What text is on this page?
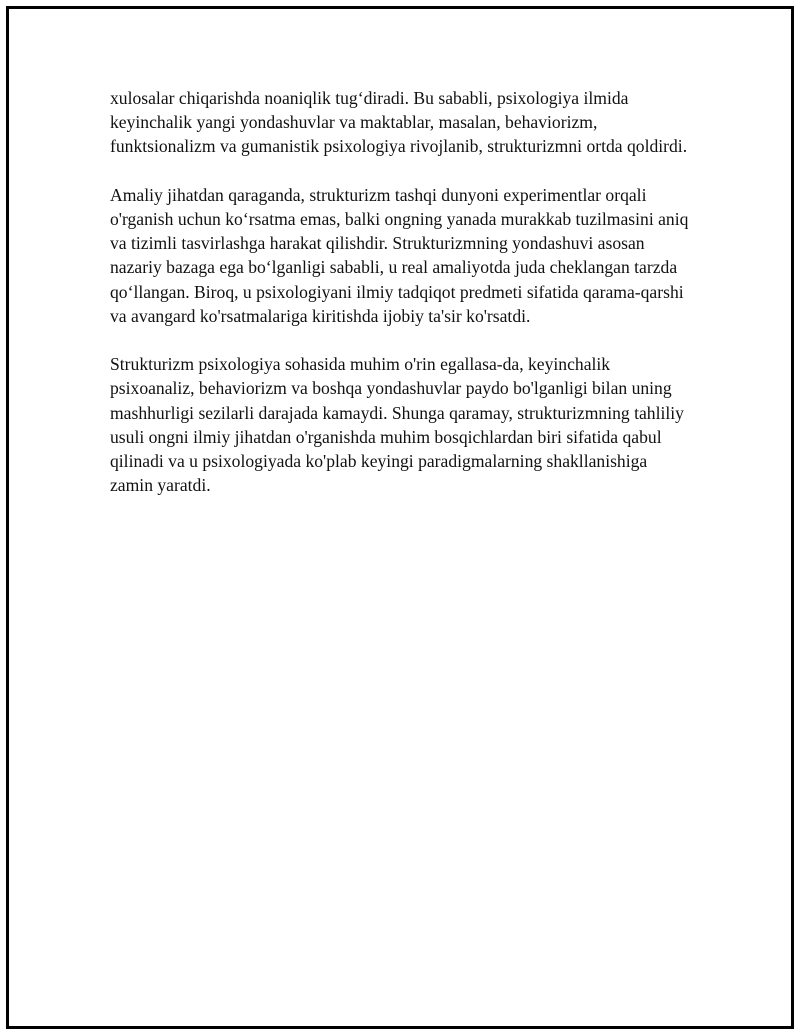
xulosalar chiqarishda noaniqlik tug‘diradi. Bu sababli, psixologiya ilmida keyinchalik yangi yondashuvlar va maktablar, masalan, behaviorizm, funktsionalizm va gumanistik psixologiya rivojlanib, strukturizmni ortda qoldirdi.

Amaliy jihatdan qaraganda, strukturizm tashqi dunyoni experimentlar orqali o'rganish uchun ko‘rsatma emas, balki ongning yanada murakkab tuzilmasini aniq va tizimli tasvirlashga harakat qilishdir. Strukturizmning yondashuvi asosan nazariy bazaga ega bo‘lganligi sababli, u real amaliyotda juda cheklangan tarzda qo‘llangan. Biroq, u psixologiyani ilmiy tadqiqot predmeti sifatida qarama-qarshi va avangard ko'rsatmalariga kiritishda ijobiy ta'sir ko'rsatdi.

Strukturizm psixologiya sohasida muhim o'rin egallasa-da, keyinchalik psixoanaliz, behaviorizm va boshqa yondashuvlar paydo bo'lganligi bilan uning mashhurligi sezilarli darajada kamaydi. Shunga qaramay, strukturizmning tahliliy usuli ongni ilmiy jihatdan o'rganishda muhim bosqichlardan biri sifatida qabul qilinadi va u psixologiyada ko'plab keyingi paradigmalarning shakllanishiga zamin yaratdi.
